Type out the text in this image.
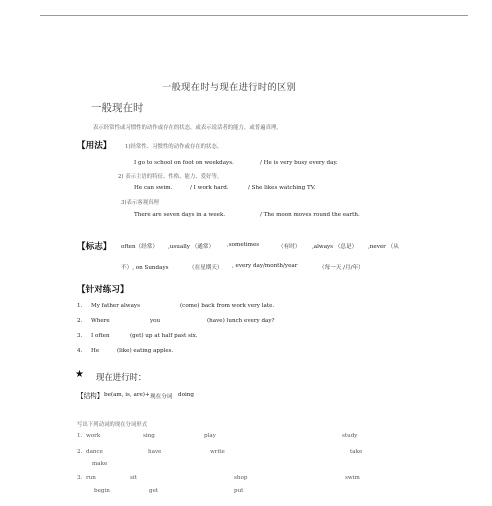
一般现在时与现在进行时的区别
一般现在时
表示经常性或习惯性的动作或存在的状态，或表示说话者的能力，或普遍真理。
【用法】	1)经常性、习惯性的动作或存在的状态。
I go to school on foot on weekdays.	/ He is very busy every day.
2) 表示主语的特征、性格、能力、爱好等。
He can swim.	/ I work hard.	/ She likes watching TV.
3)表示客观真理
There are seven days in a week.	/ The moon moves round the earth.
【标志】 often（经常） ,usually （通常） ,sometimes	（有时） ,always （总是） ,never （从
不）, on Sundays	（在星期天） , every day/month/year	（每一天 /月/年）
【针对练习】
1. My father always	(come) back from work very late.
2. Where	you	(have) lunch every day?
3. I often	(get) up at half past six.
4. He	(like) eating apples.
★ 现在进行时：
【结构】 be(am, is, are)+ 现在分词 doing
写出下列动词的现在分词形式
1. work	sing	play	study
2. dance	have	write	take
make
3. run	sit	shop	swim
begin	get	put
